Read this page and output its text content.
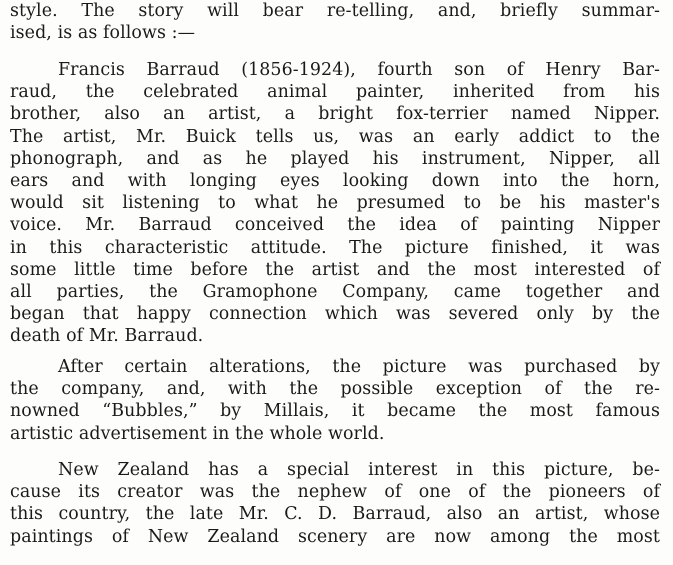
style. The story will bear re-telling, and, briefly summar-
ised, is as follows :—
Francis Barraud (1856-1924), fourth son of Henry Bar-
raud, the celebrated animal painter, inherited from his
brother, also an artist, a bright fox-terrier named Nipper.
The artist, Mr. Buick tells us, was an early addict to the
phonograph, and as he played his instrument, Nipper, all
ears and with longing eyes looking down into the horn,
would sit listening to what he presumed to be his master's
voice. Mr. Barraud conceived the idea of painting Nipper
in this characteristic attitude. The picture finished, it was
some little time before the artist and the most interested of
all parties, the Gramophone Company, came together and
began that happy connection which was severed only by the
death of Mr. Barraud.
After certain alterations, the picture was purchased by
the company, and, with the possible exception of the re-
nowned “Bubbles,” by Millais, it became the most famous
artistic advertisement in the whole world.
New Zealand has a special interest in this picture, be-
cause its creator was the nephew of one of the pioneers of
this country, the late Mr. C. D. Barraud, also an artist, whose
paintings of New Zealand scenery are now among the most
